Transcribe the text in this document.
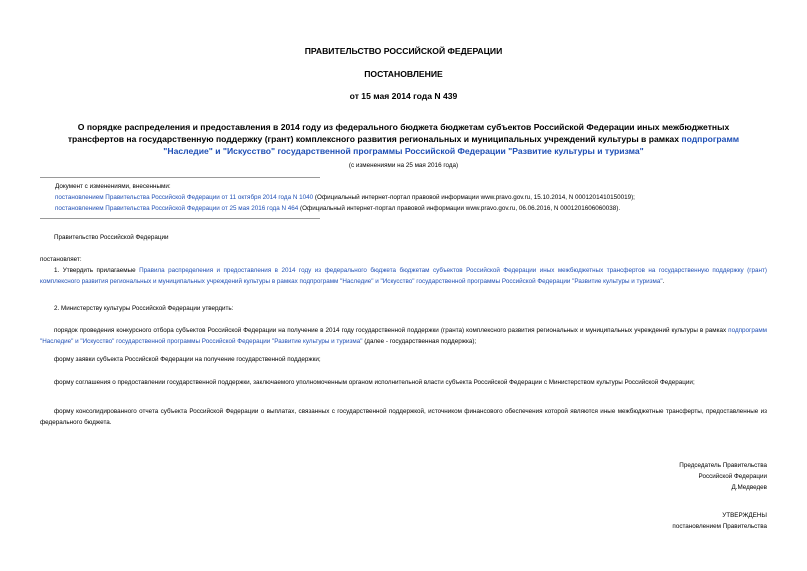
ПРАВИТЕЛЬСТВО РОССИЙСКОЙ ФЕДЕРАЦИИ
ПОСТАНОВЛЕНИЕ
от 15 мая 2014 года N 439
О порядке распределения и предоставления в 2014 году из федерального бюджета бюджетам субъектов Российской Федерации иных межбюджетных
трансфертов на государственную поддержку (грант) комплексного развития региональных и муниципальных учреждений культуры в рамках подпрограмм
"Наследие" и "Искусство" государственной программы Российской Федерации "Развитие культуры и туризма"
(с изменениями на 25 мая 2016 года)
Документ с изменениями, внесенными:
постановлением Правительства Российской Федерации от 11 октября 2014 года N 1040 (Официальный интернет-портал правовой информации www.pravo.gov.ru, 15.10.2014, N 0001201410150019);
постановлением Правительства Российской Федерации от 25 мая 2016 года N 464 (Официальный интернет-портал правовой информации www.pravo.gov.ru, 06.06.2016, N 0001201606060038).
Правительство Российской Федерации
постановляет:
1. Утвердить прилагаемые Правила распределения и предоставления в 2014 году из федерального бюджета бюджетам субъектов Российской Федерации иных межбюджетных трансфертов на государственную поддержку (грант) комплексного развития региональных и муниципальных учреждений культуры в рамках подпрограмм "Наследие" и "Искусство" государственной программы Российской Федерации "Развитие культуры и туризма".
2. Министерству культуры Российской Федерации утвердить:
порядок проведения конкурсного отбора субъектов Российской Федерации на получение в 2014 году государственной поддержки (гранта) комплексного развития региональных и муниципальных учреждений культуры в рамках подпрограмм "Наследие" и "Искусство" государственной программы Российской Федерации "Развитие культуры и туризма" (далее - государственная поддержка);
форму заявки субъекта Российской Федерации на получение государственной поддержки;
форму соглашения о предоставлении государственной поддержки, заключаемого уполномоченным органом исполнительной власти субъекта Российской Федерации с Министерством культуры Российской Федерации;
форму консолидированного отчета субъекта Российской Федерации о выплатах, связанных с государственной поддержкой, источником финансового обеспечения которой являются иные межбюджетные трансферты, предоставленные из федерального бюджета.
Председатель Правительства
Российской Федерации
Д.Медведев
УТВЕРЖДЕНЫ
постановлением Правительства
